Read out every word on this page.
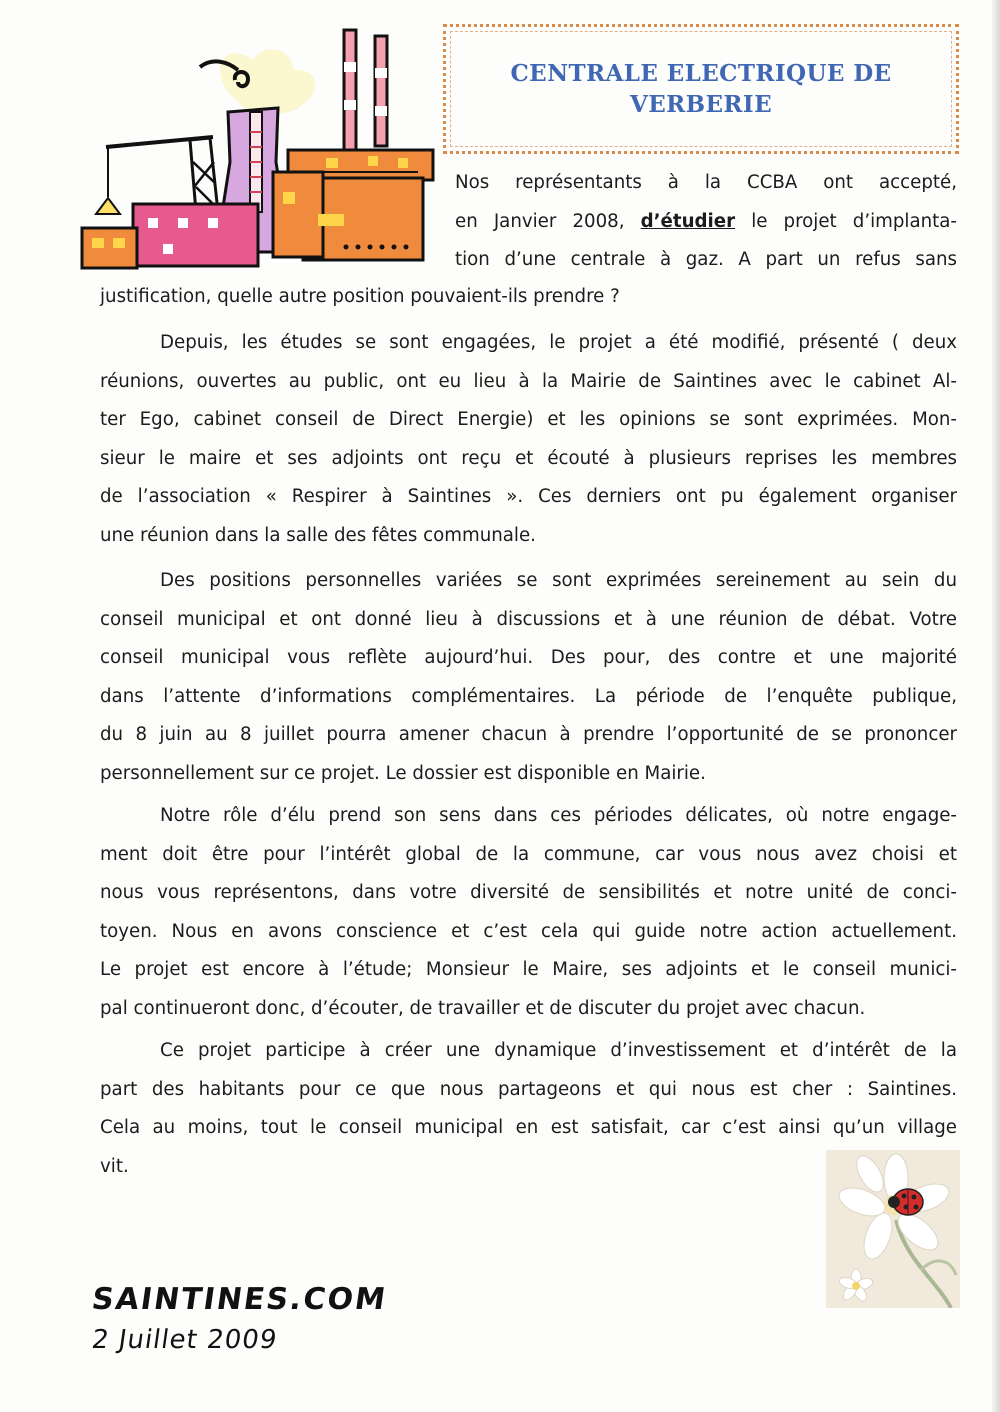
CENTRALE ELECTRIQUE DE
VERBERIE

Nos représentants à la CCBA ont accepté,

en Janvier 2008, d’étudier le projet d’implanta-

tion d’une centrale à gaz. A part un refus sans

justification, quelle autre position pouvaient-ils prendre ?

Depuis, les études se sont engagées, le projet a été modifié, présenté ( deux

réunions, ouvertes au public, ont eu lieu à la Mairie de Saintines avec le cabinet Al-

ter Ego, cabinet conseil de Direct Energie) et les opinions se sont exprimées. Mon-

sieur le maire et ses adjoints ont reçu et écouté à plusieurs reprises les membres

de l’association « Respirer à Saintines ». Ces derniers ont pu également organiser

une réunion dans la salle des fêtes communale.

Des positions personnelles variées se sont exprimées sereinement au sein du

conseil municipal et ont donné lieu à discussions et à une réunion de débat. Votre

conseil municipal vous reflète aujourd’hui. Des pour, des contre et une majorité

dans l’attente d’informations complémentaires. La période de l’enquête publique,

du 8 juin au 8 juillet pourra amener chacun à prendre l’opportunité de se prononcer

personnellement sur ce projet. Le dossier est disponible en Mairie.

Notre rôle d’élu prend son sens dans ces périodes délicates, où notre engage-

ment doit être pour l’intérêt global de la commune, car vous nous avez choisi et

nous vous représentons, dans votre diversité de sensibilités et notre unité de conci-

toyen. Nous en avons conscience et c’est cela qui guide notre action actuellement.

Le projet est encore à l’étude; Monsieur le Maire, ses adjoints et le conseil munici-

pal continueront donc, d’écouter, de travailler et de discuter du projet avec chacun.

Ce projet participe à créer une dynamique d’investissement et d’intérêt de la

part des habitants pour ce que nous partageons et qui nous est cher : Saintines.

Cela au moins, tout le conseil municipal en est satisfait, car c’est ainsi qu’un village

vit.

SAINTINES.COM
2 Juillet 2009
